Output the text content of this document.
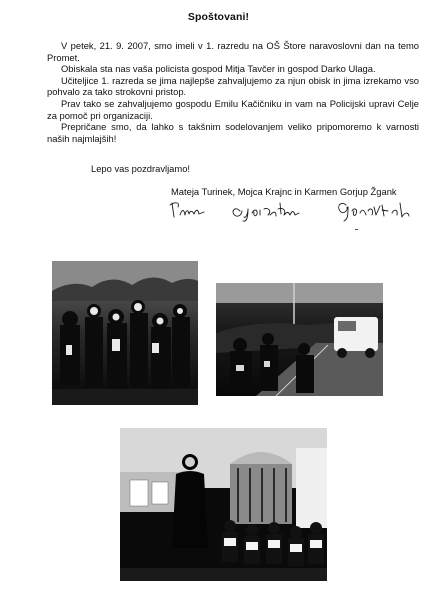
Spoštovani!

V petek, 21. 9. 2007, smo imeli v 1. razredu na OŠ Štore naravoslovni dan na temo Promet.

Obiskala sta nas vaša policista gospod Mitja Tavčer in gospod Darko Ulaga.

Učiteljice 1. razreda se jima najlepše zahvaljujemo za njun obisk in jima izrekamo vso pohvalo za tako strokovni pristop.

Prav tako se zahvaljujemo gospodu Emilu Kačičniku in vam na Policijski upravi Celje za pomoč pri organizaciji.

Prepričane smo, da lahko s takšnim sodelovanjem veliko pripomoremo k varnosti naših najmlajših!

Lepo vas pozdravljamo!
Mateja Turinek, Mojca Krajnc in Karmen Gorjup Žgank
